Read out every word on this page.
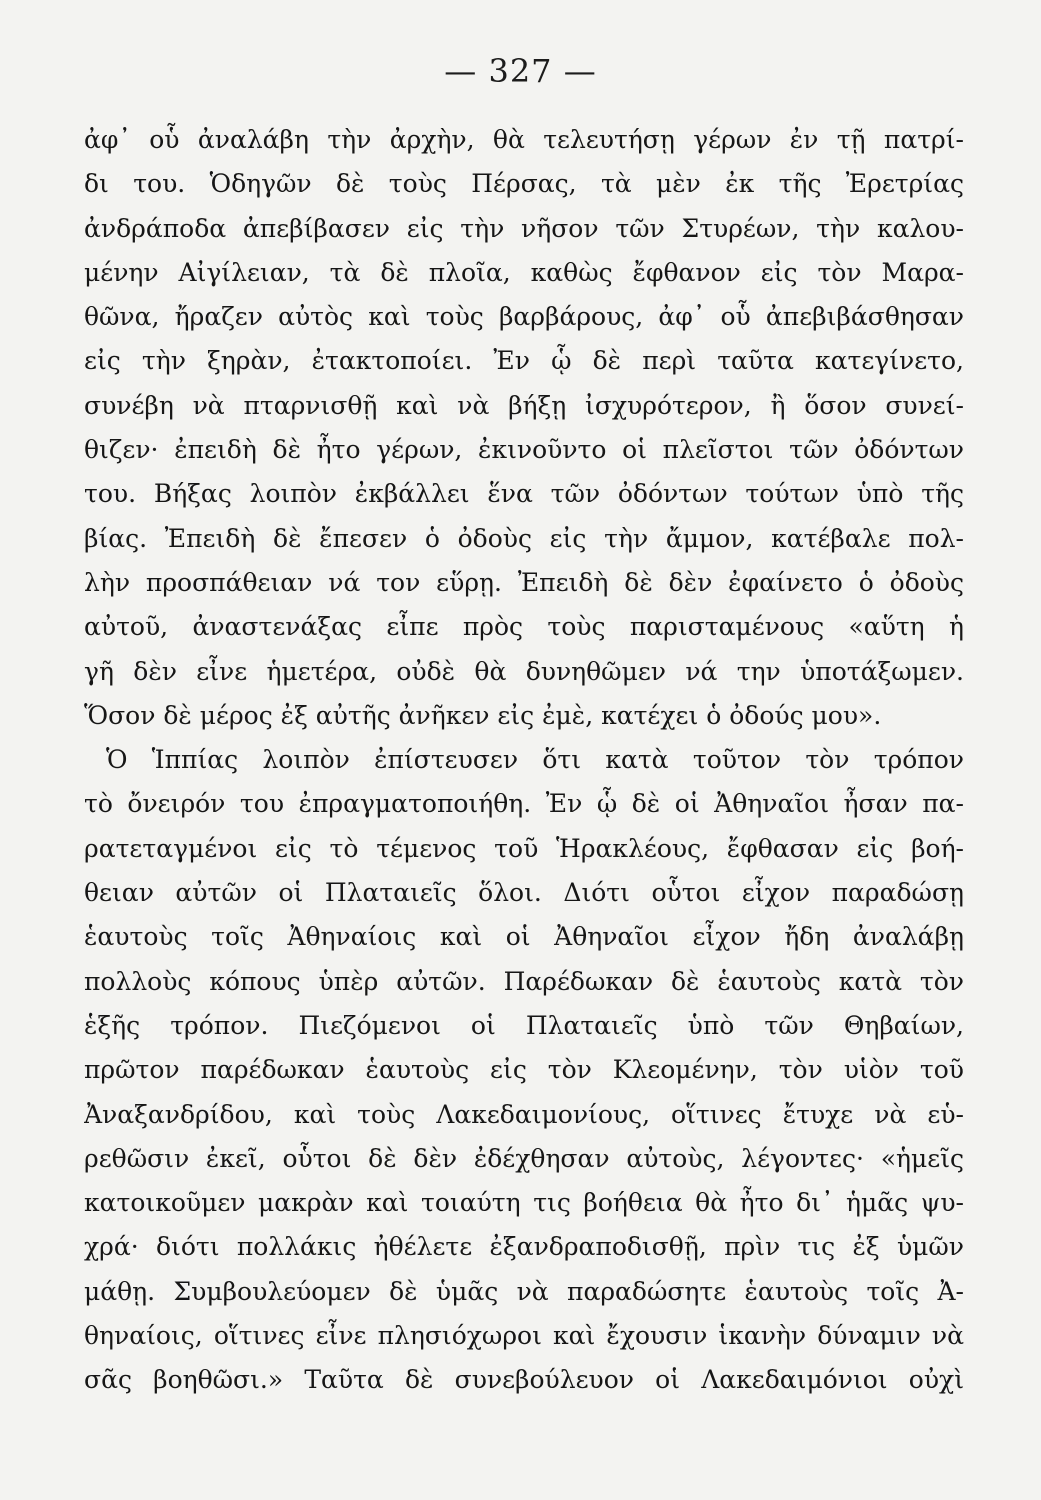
— 327 —
ἀφ᾽ οὗ ἀναλάβη τὴν ἀρχὴν, θὰ τελευτήσῃ γέρων ἐν τῇ πατρί-
δι του. Ὁδηγῶν δὲ τοὺς Πέρσας, τὰ μὲν ἐκ τῆς Ἐρετρίας
ἀνδράποδα ἀπεβίβασεν εἰς τὴν νῆσον τῶν Στυρέων, τὴν καλου-
μένην Αἰγίλειαν, τὰ δὲ πλοῖα, καθὼς ἔφθανον εἰς τὸν Μαρα-
θῶνα, ἤραζεν αὐτὸς καὶ τοὺς βαρβάρους, ἀφ᾽ οὗ ἀπεβιβάσθησαν
εἰς τὴν ξηρὰν, ἐτακτοποίει. Ἐν ᾧ δὲ περὶ ταῦτα κατεγίνετο,
συνέβη νὰ πταρνισθῇ καὶ νὰ βήξῃ ἰσχυρότερον, ἢ ὅσον συνεί-
θιζεν· ἐπειδὴ δὲ ἦτο γέρων, ἐκινοῦντο οἱ πλεῖστοι τῶν ὀδόντων
του. Βήξας λοιπὸν ἐκβάλλει ἕνα τῶν ὀδόντων τούτων ὑπὸ τῆς
βίας. Ἐπειδὴ δὲ ἔπεσεν ὁ ὀδοὺς εἰς τὴν ἄμμον, κατέβαλε πολ-
λὴν προσπάθειαν νά τον εὕρῃ. Ἐπειδὴ δὲ δὲν ἐφαίνετο ὁ ὀδοὺς
αὐτοῦ, ἀναστενάξας εἶπε πρὸς τοὺς παρισταμένους «αὕτη ἡ
γῆ δὲν εἶνε ἡμετέρα, οὐδὲ θὰ δυνηθῶμεν νά την ὑποτάξωμεν.
Ὅσον δὲ μέρος ἐξ αὐτῆς ἀνῆκεν εἰς ἐμὲ, κατέχει ὁ ὀδούς μου».
Ὁ Ἱππίας λοιπὸν ἐπίστευσεν ὅτι κατὰ τοῦτον τὸν τρόπον
τὸ ὄνειρόν του ἐπραγματοποιήθη. Ἐν ᾧ δὲ οἱ Ἀθηναῖοι ἦσαν πα-
ρατεταγμένοι εἰς τὸ τέμενος τοῦ Ἡρακλέους, ἔφθασαν εἰς βοή-
θειαν αὐτῶν οἱ Πλαταιεῖς ὅλοι. Διότι οὗτοι εἶχον παραδώσῃ
ἑαυτοὺς τοῖς Ἀθηναίοις καὶ οἱ Ἀθηναῖοι εἶχον ἤδη ἀναλάβῃ
πολλοὺς κόπους ὑπὲρ αὐτῶν. Παρέδωκαν δὲ ἑαυτοὺς κατὰ τὸν
ἑξῆς τρόπον. Πιεζόμενοι οἱ Πλαταιεῖς ὑπὸ τῶν Θηβαίων,
πρῶτον παρέδωκαν ἑαυτοὺς εἰς τὸν Κλεομένην, τὸν υἱὸν τοῦ
Ἀναξανδρίδου, καὶ τοὺς Λακεδαιμονίους, οἵτινες ἔτυχε νὰ εὑ-
ρεθῶσιν ἐκεῖ, οὗτοι δὲ δὲν ἐδέχθησαν αὐτοὺς, λέγοντες· «ἡμεῖς
κατοικοῦμεν μακρὰν καὶ τοιαύτη τις βοήθεια θὰ ἦτο δι᾽ ἡμᾶς ψυ-
χρά· διότι πολλάκις ἠθέλετε ἐξανδραποδισθῇ, πρὶν τις ἐξ ὑμῶν
μάθῃ. Συμβουλεύομεν δὲ ὑμᾶς νὰ παραδώσητε ἑαυτοὺς τοῖς Ἀ-
θηναίοις, οἵτινες εἶνε πλησιόχωροι καὶ ἔχουσιν ἱκανὴν δύναμιν νὰ
σᾶς βοηθῶσι.» Ταῦτα δὲ συνεβούλευον οἱ Λακεδαιμόνιοι οὐχὶ
